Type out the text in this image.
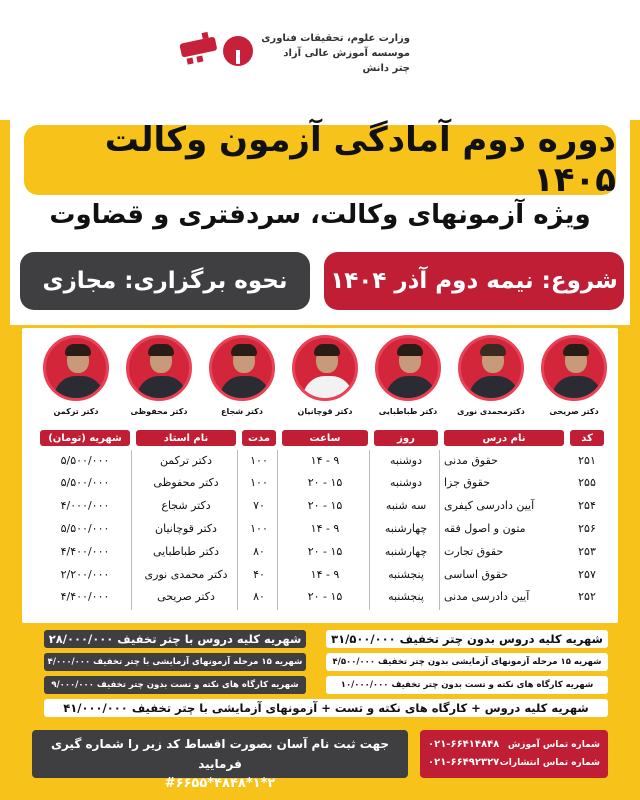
وزارت علوم، تحقیقات فناوری
موسسه آموزش عالی آزاد
چتر دانش
دوره دوم آمادگی آزمون وکالت ۱۴۰۵
ویژه آزمونهای وکالت، سردفتری و قضاوت
شروع: نیمه دوم آذر ۱۴۰۴
نحوه برگزاری: مجازی
دکتر صریحی
دکترمحمدی نوری
دکتر طباطبایی
دکتر قوچانیان
دکتر شجاع
دکتر محفوظی
دکتر ترکمن
کد
نام درس
روز
ساعت
مدت
نام استاد
شهریه (تومان)
۲۵۱
حقوق مدنی
دوشنبه
۱۴ - ۹
۱۰۰
دکتر ترکمن
۵/۵۰۰/۰۰۰
۲۵۵
حقوق جزا
دوشنبه
۲۰ - ۱۵
۱۰۰
دکتر محفوظی
۵/۵۰۰/۰۰۰
۲۵۴
آیین دادرسی کیفری
سه شنبه
۲۰ - ۱۵
۷۰
دکتر شجاع
۴/۰۰۰/۰۰۰
۲۵۶
متون و اصول فقه
چهارشنبه
۱۴ - ۹
۱۰۰
دکتر قوچانیان
۵/۵۰۰/۰۰۰
۲۵۳
حقوق تجارت
چهارشنبه
۲۰ - ۱۵
۸۰
دکتر طباطبایی
۴/۴۰۰/۰۰۰
۲۵۷
حقوق اساسی
پنجشنبه
۱۴ - ۹
۴۰
دکتر محمدی نوری
۲/۲۰۰/۰۰۰
۲۵۲
آیین دادرسی مدنی
پنجشنبه
۲۰ - ۱۵
۸۰
دکتر صریحی
۴/۴۰۰/۰۰۰
شهریه کلیه دروس بدون چتر تخفیف ۳۱/۵۰۰/۰۰۰
شهریه کلیه دروس با چتر تخفیف ۲۸/۰۰۰/۰۰۰
شهریه ۱۵ مرحله آزمونهای آزمایشی بدون چتر تخفیف ۴/۵۰۰/۰۰۰
شهریه ۱۵ مرحله آزمونهای آزمایشی با چتر تخفیف ۴/۰۰۰/۰۰۰
شهریه کارگاه های نکته و تست بدون چتر تخفیف ۱۰/۰۰۰/۰۰۰
شهریه کارگاه های نکته و تست بدون چتر تخفیف ۹/۰۰۰/۰۰۰
شهریه کلیه دروس + کارگاه های نکته و تست + آزمونهای آزمایشی با چتر تخفیف ۴۱/۰۰۰/۰۰۰
جهت ثبت نام آسان بصورت اقساط کد زیر را شماره گیری فرمایید
#۶۶۵۵*۴۸۴۸*۱*۲
شماره تماس آموزش
۰۲۱-۶۶۴۱۴۸۴۸
شماره تماس انتشارات
۰۲۱-۶۶۴۹۲۳۲۷
